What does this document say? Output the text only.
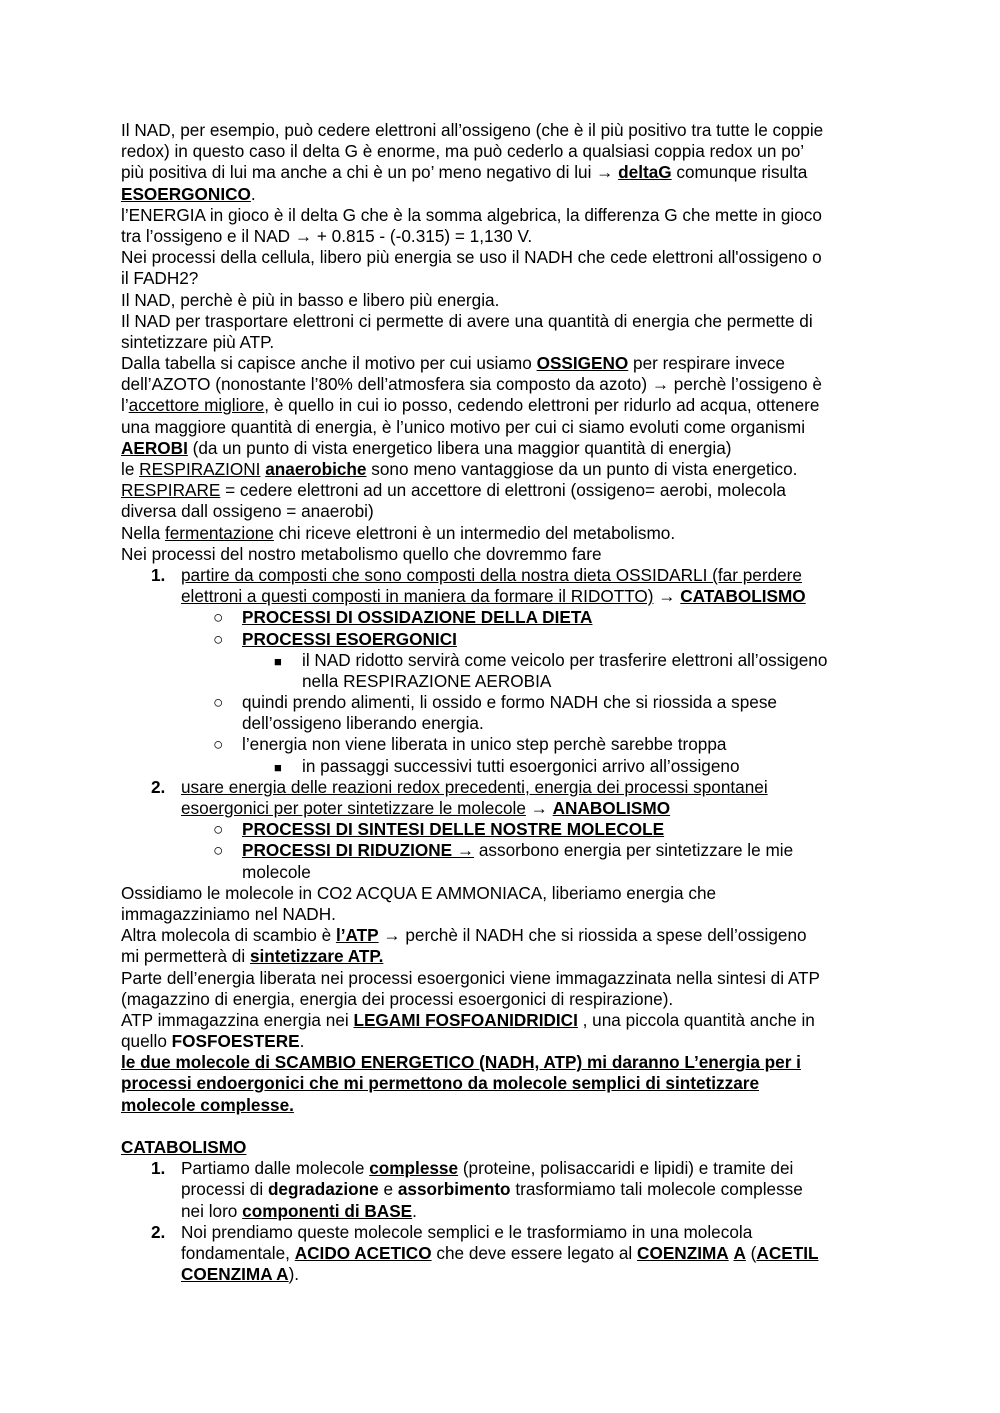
Il NAD, per esempio, può cedere elettroni all’ossigeno (che è il più positivo tra tutte le coppie
redox) in questo caso il delta G è enorme, ma può cederlo a qualsiasi coppia redox un po’
più positiva di lui ma anche a chi è un po’ meno negativo di lui → deltaG comunque risulta
ESOERGONICO.
l’ENERGIA in gioco è il delta G che è la somma algebrica, la differenza G che mette in gioco
tra l’ossigeno e il NAD → + 0.815 - (-0.315) = 1,130 V.
Nei processi della cellula, libero più energia se uso il NADH che cede elettroni all'ossigeno o
il FADH2?
Il NAD, perchè è più in basso e libero più energia.
Il NAD per trasportare elettroni ci permette di avere una quantità di energia che permette di
sintetizzare più ATP.
Dalla tabella si capisce anche il motivo per cui usiamo OSSIGENO per respirare invece
dell’AZOTO (nonostante l’80% dell’atmosfera sia composto da azoto) → perchè l’ossigeno è
l’accettore migliore, è quello in cui io posso, cedendo elettroni per ridurlo ad acqua, ottenere
una maggiore quantità di energia, è l’unico motivo per cui ci siamo evoluti come organismi
AEROBI (da un punto di vista energetico libera una maggior quantità di energia)
le RESPIRAZIONI anaerobiche sono meno vantaggiose da un punto di vista energetico.
RESPIRARE = cedere elettroni ad un accettore di elettroni (ossigeno= aerobi, molecola
diversa dall ossigeno = anaerobi)
Nella fermentazione chi riceve elettroni è un intermedio del metabolismo.
Nei processi del nostro metabolismo quello che dovremmo fare
1. partire da composti che sono composti della nostra dieta OSSIDARLI (far perdere
elettroni a questi composti in maniera da formare il RIDOTTO) → CATABOLISMO
○ PROCESSI DI OSSIDAZIONE DELLA DIETA
○ PROCESSI ESOERGONICI
■ il NAD ridotto servirà come veicolo per trasferire elettroni all’ossigeno
nella RESPIRAZIONE AEROBIA
○ quindi prendo alimenti, li ossido e formo NADH che si riossida a spese
dell’ossigeno liberando energia.
○ l’energia non viene liberata in unico step perchè sarebbe troppa
■ in passaggi successivi tutti esoergonici arrivo all’ossigeno
2. usare energia delle reazioni redox precedenti, energia dei processi spontanei
esoergonici per poter sintetizzare le molecole → ANABOLISMO
○ PROCESSI DI SINTESI DELLE NOSTRE MOLECOLE
○ PROCESSI DI RIDUZIONE → assorbono energia per sintetizzare le mie
molecole
Ossidiamo le molecole in CO2 ACQUA E AMMONIACA, liberiamo energia che
immagazziniamo nel NADH.
Altra molecola di scambio è l’ATP → perchè il NADH che si riossida a spese dell’ossigeno
mi permetterà di sintetizzare ATP.
Parte dell’energia liberata nei processi esoergonici viene immagazzinata nella sintesi di ATP
(magazzino di energia, energia dei processi esoergonici di respirazione).
ATP immagazzina energia nei LEGAMI FOSFOANIDRIDICI , una piccola quantità anche in
quello FOSFOESTERE.
le due molecole di SCAMBIO ENERGETICO (NADH, ATP) mi daranno L’energia per i
processi endoergonici che mi permettono da molecole semplici di sintetizzare
molecole complesse.
CATABOLISMO
1. Partiamo dalle molecole complesse (proteine, polisaccaridi e lipidi) e tramite dei
processi di degradazione e assorbimento trasformiamo tali molecole complesse
nei loro componenti di BASE.
2. Noi prendiamo queste molecole semplici e le trasformiamo in una molecola
fondamentale, ACIDO ACETICO che deve essere legato al COENZIMA A (ACETIL
COENZIMA A).
